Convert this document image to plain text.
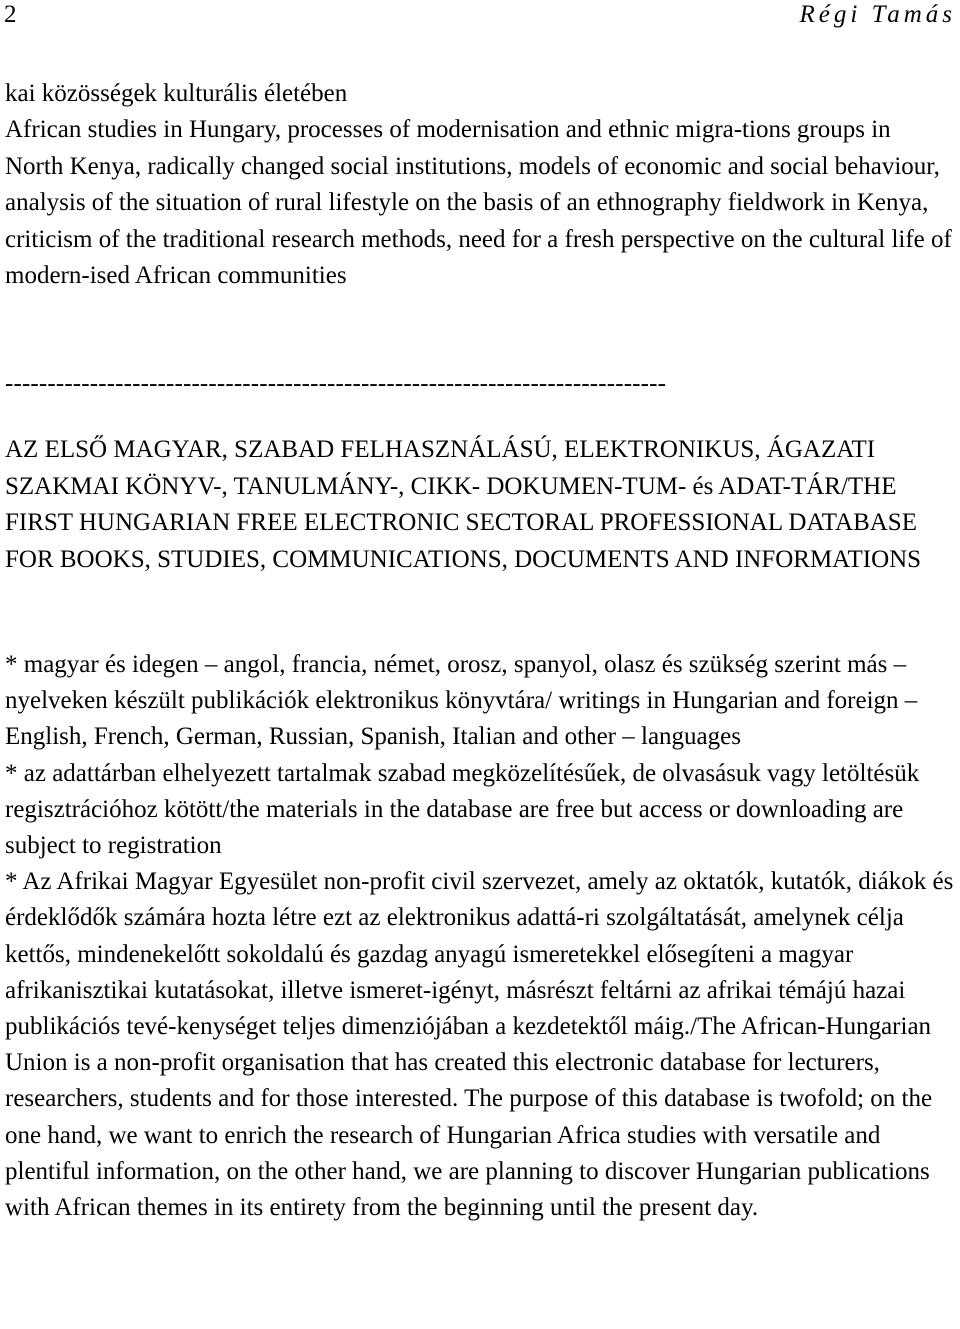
2	Régi Tamás

kai közösségek kulturális életében

African studies in Hungary, processes of modernisation and ethnic migra-tions groups in North Kenya, radically changed social institutions, models of economic and social behaviour, analysis of the situation of rural lifestyle on the basis of an ethnography fieldwork in Kenya, criticism of the traditional research methods, need for a fresh perspective on the cultural life of modern-ised African communities

------------------------------------------------------------------------------

AZ ELSŐ MAGYAR, SZABAD FELHASZNÁLÁSÚ, ELEKTRONIKUS, ÁGAZATI SZAKMAI KÖNYV-, TANULMÁNY-, CIKK- DOKUMEN-TUM- és ADAT-TÁR/THE FIRST HUNGARIAN FREE ELECTRONIC SECTORAL PROFESSIONAL DATABASE FOR BOOKS, STUDIES, COMMUNICATIONS, DOCUMENTS AND INFORMATIONS

* magyar és idegen – angol, francia, német, orosz, spanyol, olasz és szükség szerint más – nyelveken készült publikációk elektronikus könyvtára/ writings in Hungarian and foreign – English, French, German, Russian, Spanish, Italian and other – languages

* az adattárban elhelyezett tartalmak szabad megközelítésűek, de olvasásuk vagy letöltésük regisztrációhoz kötött/the materials in the database are free but access or downloading are subject to registration

* Az Afrikai Magyar Egyesület non-profit civil szervezet, amely az oktatók, kutatók, diákok és érdeklődők számára hozta létre ezt az elektronikus adattá-ri szolgáltatását, amelynek célja kettős, mindenekelőtt sokoldalú és gazdag anyagú ismeretekkel elősegíteni a magyar afrikanisztikai kutatásokat, illetve ismeret-igényt, másrészt feltárni az afrikai témájú hazai publikációs tevé-kenységet teljes dimenziójában a kezdetektől máig./The African-Hungarian Union is a non-profit organisation that has created this electronic database for lecturers, researchers, students and for those interested. The purpose of this database is twofold; on the one hand, we want to enrich the research of Hungarian Africa studies with versatile and plentiful information, on the other hand, we are planning to discover Hungarian publications with African themes in its entirety from the beginning until the present day.
